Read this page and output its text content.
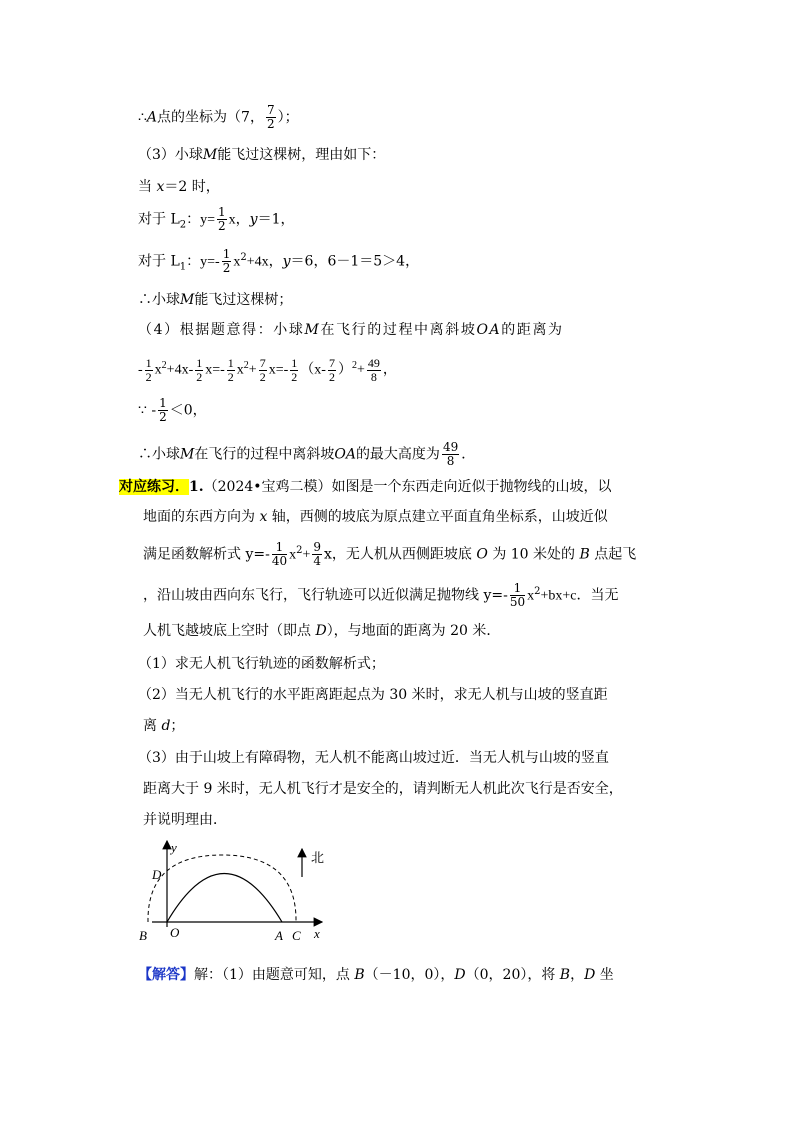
∴A点的坐标为（7， $\frac{7}{2}$ ）；
（3）小球M能飞过这棵树，理由如下：
当 x＝2 时，
对于 $L_2$：$y= \frac{1}{2}$ x，y＝1，
对于 $L_1$：$y=- \frac{1}{2} x^2+4x$，y＝6，6－1＝5＞4，
∴小球M能飞过这棵树；
（4）根据题意得：小球M在飞行的过程中离斜坡OA的距离为
- $\frac{1}{2} x^2+4x- \frac{1}{2} x=- \frac{1}{2} x^2+ \frac{7}{2} x=- \frac{1}{2} (x- \frac{7}{2} )^2+ \frac{49}{8}$ ，
∵ - $\frac{1}{2} <0$，
∴小球M在飞行的过程中离斜坡OA的最大高度为 $\frac{49}{8}$ ．
对应练习．1.（2024•宝鸡二模）如图是一个东西走向近似于抛物线的山坡，以
地面的东西方向为 x 轴，西侧的坡底为原点建立平面直角坐标系，山坡近似
满足函数解析式 $y=- \frac{1}{40} x^2+ \frac{9}{4}$ x，无人机从西侧距坡底 O 为 10 米处的 B 点起飞
，沿山坡由西向东飞行，飞行轨迹可以近似满足抛物线 $y=- \frac{1}{50} x^2+bx+c$．当无
人机飞越坡底上空时（即点 D），与地面的距离为 20 米．
（1）求无人机飞行轨迹的函数解析式；
（2）当无人机飞行的水平距离距起点为 30 米时，求无人机与山坡的竖直距
离 d；
（3）由于山坡上有障碍物，无人机不能离山坡过近．当无人机与山坡的竖直
距离大于 9 米时，无人机飞行才是安全的，请判断无人机此次飞行是否安全，
并说明理由．
北
y
x
D
B O	A C
【解答】解：（1）由题意可知，点 B（－10，0），D（0，20），将 B，D 坐
